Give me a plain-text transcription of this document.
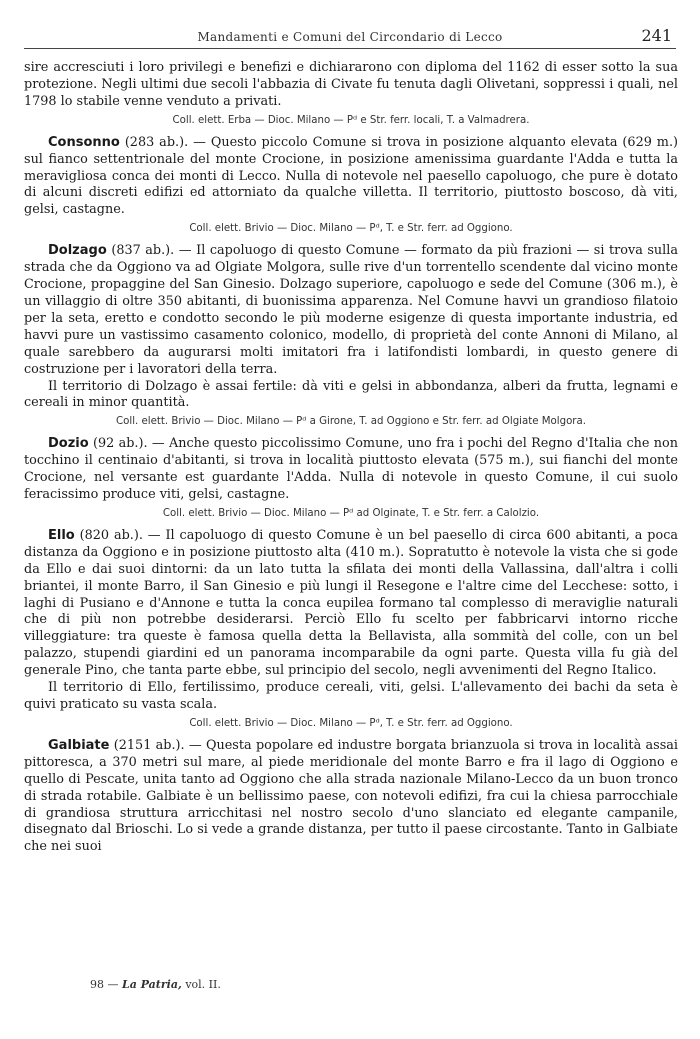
Mandamenti e Comuni del Circondario di Lecco	241

sire accresciuti i loro privilegi e benefizi e dichiararono con diploma del 1162 di esser sotto la sua protezione. Negli ultimi due secoli l'abbazia di Civate fu tenuta dagli Olivetani, soppressi i quali, nel 1798 lo stabile venne venduto a privati.

Coll. elett. Erba — Dioc. Milano — Pᵈ e Str. ferr. locali, T. a Valmadrera.

Consonno (283 ab.). — Questo piccolo Comune si trova in posizione alquanto elevata (629 m.) sul fianco settentrionale del monte Crocione, in posizione amenissima guardante l'Adda e tutta la meravigliosa conca dei monti di Lecco. Nulla di notevole nel paesello capoluogo, che pure è dotato di alcuni discreti edifizi ed attorniato da qualche villetta. Il territorio, piuttosto boscoso, dà viti, gelsi, castagne.

Coll. elett. Brivio — Dioc. Milano — Pᵈ, T. e Str. ferr. ad Oggiono.

Dolzago (837 ab.). — Il capoluogo di questo Comune — formato da più frazioni — si trova sulla strada che da Oggiono va ad Olgiate Molgora, sulle rive d'un torrentello scendente dal vicino monte Crocione, propaggine del San Ginesio. Dolzago superiore, capoluogo e sede del Comune (306 m.), è un villaggio di oltre 350 abitanti, di buonissima apparenza. Nel Comune havvi un grandioso filatoio per la seta, eretto e condotto secondo le più moderne esigenze di questa importante industria, ed havvi pure un vastissimo casamento colonico, modello, di proprietà del conte Annoni di Milano, al quale sarebbero da augurarsi molti imitatori fra i latifondisti lombardi, in questo genere di costruzione per i lavoratori della terra.

Il territorio di Dolzago è assai fertile: dà viti e gelsi in abbondanza, alberi da frutta, legnami e cereali in minor quantità.

Coll. elett. Brivio — Dioc. Milano — Pᵈ a Girone, T. ad Oggiono e Str. ferr. ad Olgiate Molgora.

Dozio (92 ab.). — Anche questo piccolissimo Comune, uno fra i pochi del Regno d'Italia che non tocchino il centinaio d'abitanti, si trova in località piuttosto elevata (575 m.), sui fianchi del monte Crocione, nel versante est guardante l'Adda. Nulla di notevole in questo Comune, il cui suolo feracissimo produce viti, gelsi, castagne.

Coll. elett. Brivio — Dioc. Milano — Pᵈ ad Olginate, T. e Str. ferr. a Calolzio.

Ello (820 ab.). — Il capoluogo di questo Comune è un bel paesello di circa 600 abitanti, a poca distanza da Oggiono e in posizione piuttosto alta (410 m.). Sopratutto è notevole la vista che si gode da Ello e dai suoi dintorni: da un lato tutta la sfilata dei monti della Vallassina, dall'altra i colli briantei, il monte Barro, il San Ginesio e più lungi il Resegone e l'altre cime del Lecchese: sotto, i laghi di Pusiano e d'Annone e tutta la conca eupilea formano tal complesso di meraviglie naturali che di più non potrebbe desiderarsi. Perciò Ello fu scelto per fabbricarvi intorno ricche villeggiature: tra queste è famosa quella detta la Bellavista, alla sommità del colle, con un bel palazzo, stupendi giardini ed un panorama incomparabile da ogni parte. Questa villa fu già del generale Pino, che tanta parte ebbe, sul principio del secolo, negli avvenimenti del Regno Italico.

Il territorio di Ello, fertilissimo, produce cereali, viti, gelsi. L'allevamento dei bachi da seta è quivi praticato su vasta scala.

Coll. elett. Brivio — Dioc. Milano — Pᵈ, T. e Str. ferr. ad Oggiono.

Galbiate (2151 ab.). — Questa popolare ed industre borgata brianzuola si trova in località assai pittoresca, a 370 metri sul mare, al piede meridionale del monte Barro e fra il lago di Oggiono e quello di Pescate, unita tanto ad Oggiono che alla strada nazionale Milano-Lecco da un buon tronco di strada rotabile. Galbiate è un bellissimo paese, con notevoli edifizi, fra cui la chiesa parrocchiale di grandiosa struttura arricchitasi nel nostro secolo d'uno slanciato ed elegante campanile, disegnato dal Brioschi. Lo si vede a grande distanza, per tutto il paese circostante. Tanto in Galbiate che nei suoi

98 — La Patria, vol. II.
